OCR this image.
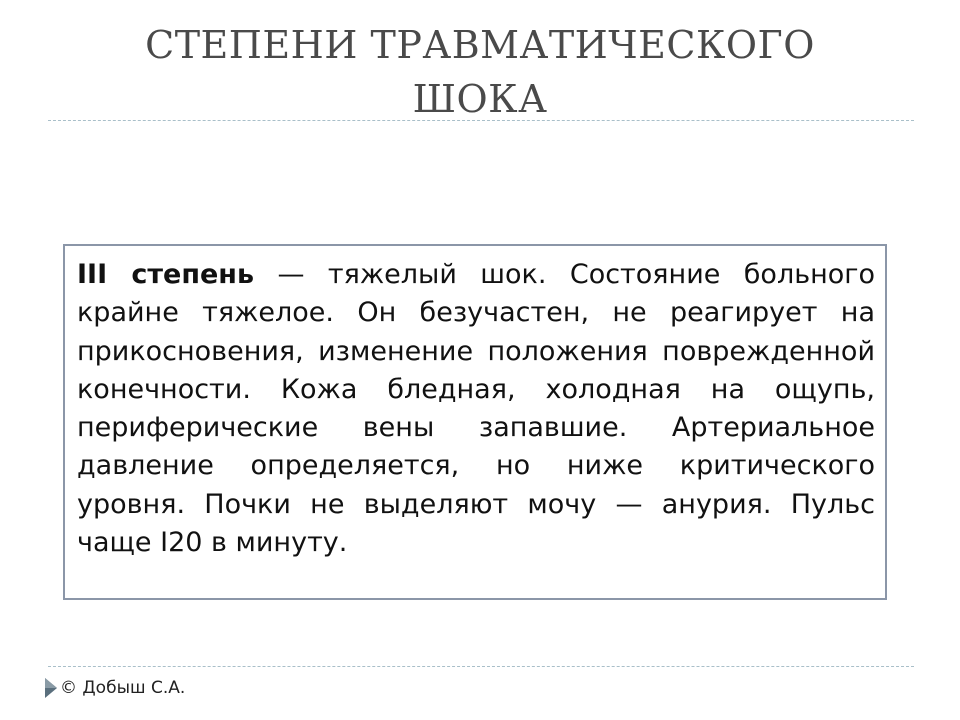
СТЕПЕНИ ТРАВМАТИЧЕСКОГО
ШОКА

III степень — тяжелый шок. Состояние больного крайне тяжелое. Он безучастен, не реагирует на прикосновения, изменение положения поврежденной конечности. Кожа бледная, холодная на ощупь, периферические вены запавшие. Артериальное давление определяется, но ниже критического уровня. Почки не выделяют мочу — анурия. Пульс чаще I20 в минуту.

© Добыш С.А.
